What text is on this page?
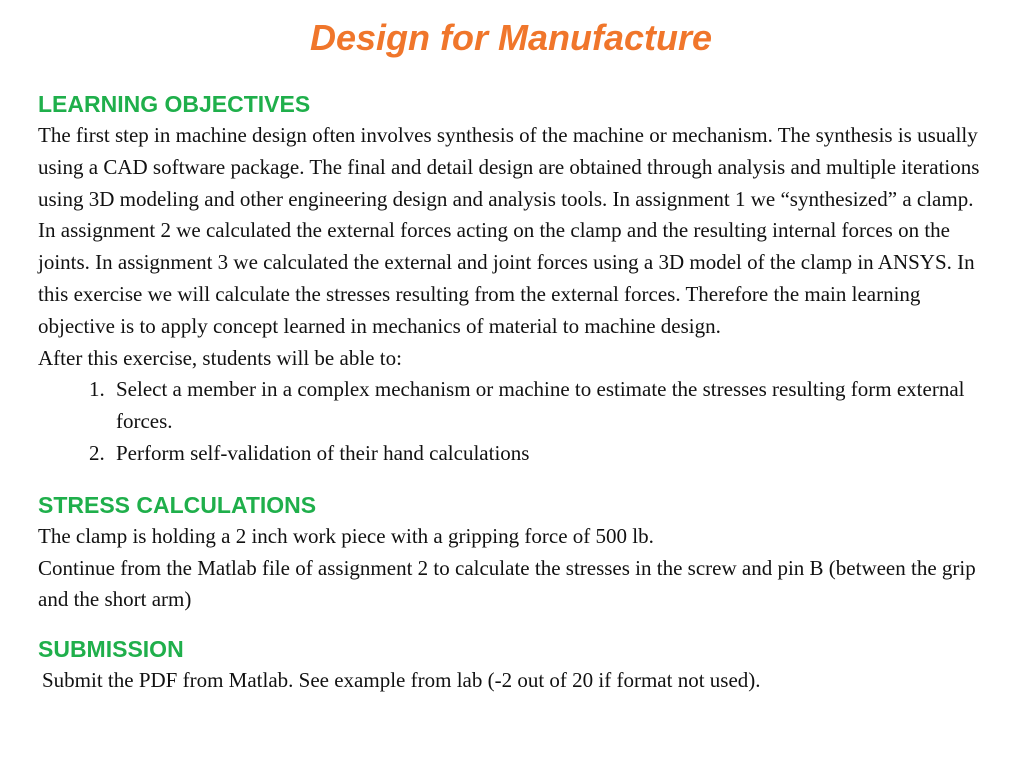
Design for Manufacture
LEARNING OBJECTIVES

The first step in machine design often involves synthesis of the machine or mechanism. The synthesis is usually using a CAD software package. The final and detail design are obtained through analysis and multiple iterations using 3D modeling and other engineering design and analysis tools. In assignment 1 we “synthesized” a clamp. In assignment 2 we calculated the external forces acting on the clamp and the resulting internal forces on the joints. In assignment 3 we calculated the external and joint forces using a 3D model of the clamp in ANSYS. In this exercise we will calculate the stresses resulting from the external forces. Therefore the main learning objective is to apply concept learned in mechanics of material to machine design.

After this exercise, students will be able to:

1. Select a member in a complex mechanism or machine to estimate the stresses resulting form external forces.
2. Perform self-validation of their hand calculations
STRESS CALCULATIONS

The clamp is holding a 2 inch work piece with a gripping force of 500 lb.

Continue from the Matlab file of assignment 2 to calculate the stresses in the screw and pin B (between the grip and the short arm)

SUBMISSION

Submit the PDF from Matlab. See example from lab (-2 out of 20 if format not used).
